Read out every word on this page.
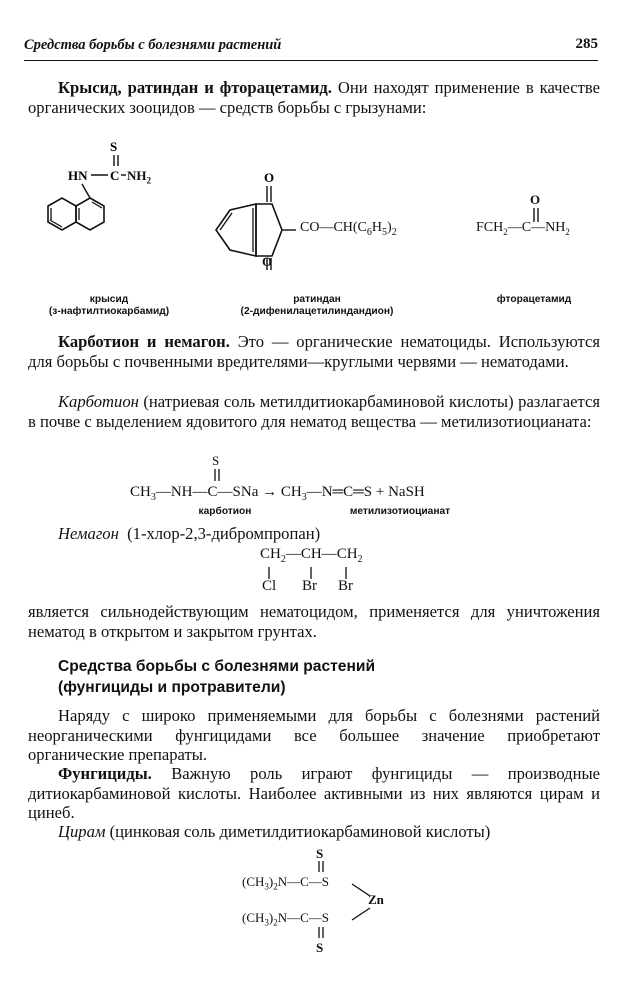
Средства борьбы с болезнями растений	285
Крысид, ратиндан и фторацетамид. Они находят применение в качестве органических зооцидов — средств борьбы с грызунами:
S
HN C $NH_2$	O
O
$CO—CH(C_6H_5)_2$
O
$FCH_2—C—NH_2$
крысид
(з-нафтилтиокарбамид)
ратиндан
(2-дифенилацетилиндандион)
фторацетамид
Карботион и немагон. Это — органические нематоциды. Используются для борьбы с почвенными вредителями—круглыми червями — нематодами.
Карботион (натриевая соль метилдитиокарбаминовой кислоты) разлагается в почве с выделением ядовитого для нематод вещества — метилизотиоцианата:
S
$CH_3—NH—C—SNa$ → $CH_3—N═C═S$ + NaSH
карботион	метилизотиоцианат
Немагон (1-хлор-2,3-дибромпропан)
$CH_2—CH—CH_2$
Cl Br Br
является сильнодействующим нематоцидом, применяется для уничтожения нематод в открытом и закрытом грунтах.
Средства борьбы с болезнями растений
(фунгициды и протравители)
Наряду с широко применяемыми для борьбы с болезнями растений неорганическими фунгицидами все большее значение приобретают органические препараты.
Фунгициды. Важную роль играют фунгициды — производные дитиокарбаминовой кислоты. Наиболее активными из них являются цирам и цинеб.
Цирам (цинковая соль диметилдитиокарбаминовой кислоты)
S
$(CH_3)_2N—C—S$
$(CH_3)_2N—C—S$
Zn
S
